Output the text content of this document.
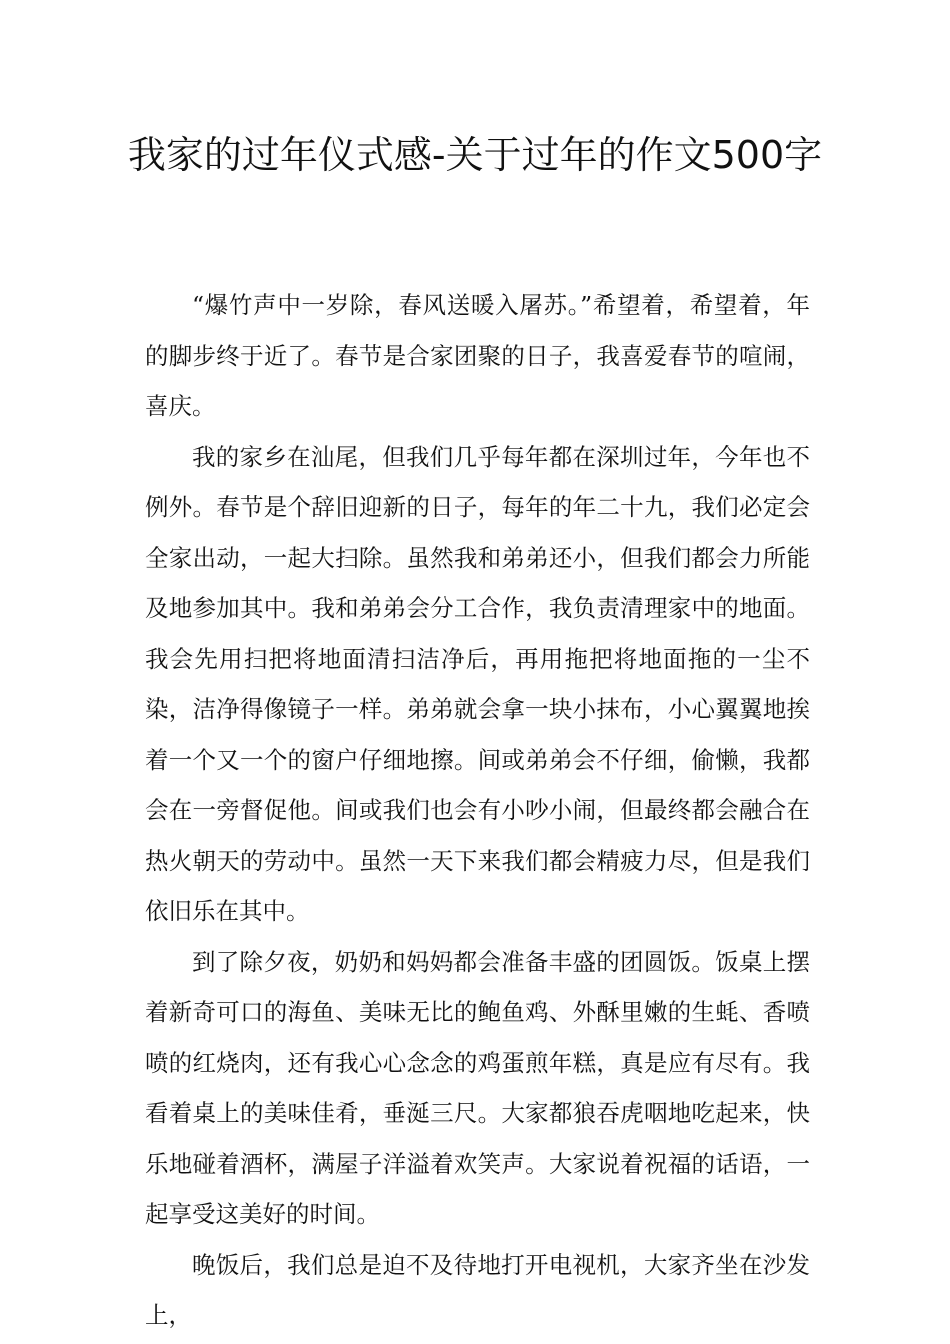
我家的过年仪式感-关于过年的作文500字

“爆竹声中一岁除，春风送暖入屠苏。”希望着，希望着，年的脚步终于近了。春节是合家团聚的日子，我喜爱春节的喧闹，喜庆。

我的家乡在汕尾，但我们几乎每年都在深圳过年，今年也不例外。春节是个辞旧迎新的日子，每年的年二十九，我们必定会全家出动，一起大扫除。虽然我和弟弟还小，但我们都会力所能及地参加其中。我和弟弟会分工合作，我负责清理家中的地面。我会先用扫把将地面清扫洁净后，再用拖把将地面拖的一尘不染，洁净得像镜子一样。弟弟就会拿一块小抹布，小心翼翼地挨着一个又一个的窗户仔细地擦。间或弟弟会不仔细，偷懒，我都会在一旁督促他。间或我们也会有小吵小闹，但最终都会融合在热火朝天的劳动中。虽然一天下来我们都会精疲力尽，但是我们依旧乐在其中。

到了除夕夜，奶奶和妈妈都会准备丰盛的团圆饭。饭桌上摆着新奇可口的海鱼、美味无比的鲍鱼鸡、外酥里嫩的生蚝、香喷喷的红烧肉，还有我心心念念的鸡蛋煎年糕，真是应有尽有。我看着桌上的美味佳肴，垂涎三尺。大家都狼吞虎咽地吃起来，快乐地碰着酒杯，满屋子洋溢着欢笑声。大家说着祝福的话语，一起享受这美好的时间。

晚饭后，我们总是迫不及待地打开电视机，大家齐坐在沙发上，
